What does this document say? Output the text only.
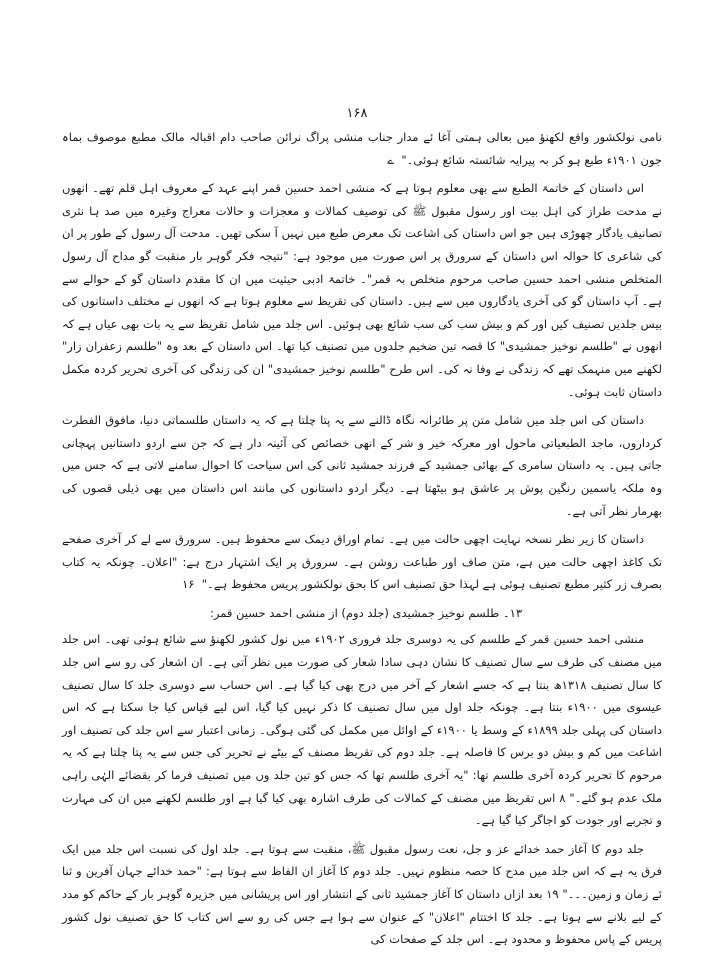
۱۶۸

نامی نولکشور واقع لکھنؤ میں بعالی ہمتی آغا ئے مدار جناب منشی پراگ نرائن صاحب دام اقبالہ مالک مطبع موصوف بماہ جون ۱۹۰۱ء طبع ہو کر بہ پیرایہ شائستہ شائع ہوئی۔"  ے

اس داستان کے خاتمۃ الطبع سے بھی معلوم ہوتا ہے کہ منشی احمد حسین قمر اپنے عہد کے معروف اہل قلم تھے۔ انھوں نے مدحت طراز کی اہل بیت اور رسول مقبول ﷺ کی توصیف کمالات و معجزات و حالات معراج وغیرہ میں صد ہا نثری تصانیف یادگار چھوڑی ہیں جو اس داستان کی اشاعت تک معرض طبع میں نہیں آ سکی تھیں۔ مدحت آل رسول کے طور پر ان کی شاعری کا حوالہ اس داستان کے سرورق پر اس صورت میں موجود ہے: "نتیجہ فکر گوہر بار منقبت گو مداح آل رسول المتخلص منشی احمد حسین صاحب مرحوم متخلص بہ قمر"۔ خاتمۃ ادبی حیثیت میں ان کا مقدم داستان گو کے حوالے سے ہے۔ آپ داستان گو کی آخری یادگاروں میں سے ہیں۔ داستان کی تقریظ سے معلوم ہوتا ہے کہ انھوں نے مختلف داستانوں کی بیس جلدیں تصنیف کیں اور کم و بیش سب کی سب شائع بھی ہوئیں۔ اس جلد میں شامل تقریظ سے یہ بات بھی عیاں ہے کہ انھوں نے "طلسم نوخیز جمشیدی" کا قصہ تین ضخیم جلدوں میں تصنیف کیا تھا۔ اس داستان کے بعد وہ "طلسم زعفران زار" لکھنے میں منہمک تھے کہ زندگی نے وفا نہ کی۔ اس طرح "طلسم نوخیز جمشیدی" ان کی زندگی کی آخری تحریر کردہ مکمل داستان ثابت ہوئی۔

داستان کی اس جلد میں شامل متن پر طائرانہ نگاہ ڈالنے سے یہ پتا چلتا ہے کہ یہ داستان طلسماتی دنیا، مافوق الفطرت کرداروں، ماجد الطبعیاتی ماحول اور معرکہ خیر و شر کے انھی خصائص کی آئینہ دار ہے کہ جن سے اردو داستانیں پہچانی جاتی ہیں۔ یہ داستان سامری کے بھائی جمشید کے فرزند جمشید ثانی کی اس سیاحت کا احوال سامنے لاتی ہے کہ جس میں وہ ملکہ یاسمین رنگین پوش پر عاشق ہو بیٹھتا ہے۔ دیگر اردو داستانوں کی مانند اس داستان میں بھی ذیلی قصوں کی بھرمار نظر آتی ہے۔

داستان کا زیر نظر نسخہ نہایت اچھی حالت میں ہے۔ تمام اوراق دیمک سے محفوظ ہیں۔ سرورق سے لے کر آخری صفحے تک کاغذ اچھی حالت میں ہے، متن صاف اور طباعت روشن ہے۔ سرورق پر ایک اشتہار درج ہے: "اعلان۔ چونکہ یہ کتاب بصرف زر کثیر مطبع تصنیف ہوئی ہے لہذا حق تصنیف اس کا بحق نولکشور پریس محفوظ ہے۔"  ۱۶

۱۳۔ طلسم نوخیز جمشیدی (جلد دوم) از منشی احمد حسین قمر:

منشی احمد حسین قمر کے طلسم کی یہ دوسری جلد فروری ۱۹۰۲ء میں نول کشور لکھنؤ سے شائع ہوئی تھی۔ اس جلد میں مصنف کی طرف سے سال تصنیف کا نشان دہی سادا شعار کی صورت میں نظر آتی ہے۔ ان اشعار کی رو سے اس جلد کا سال تصنیف ۱۳۱۸ھ بنتا ہے کہ جسے اشعار کے آخر میں درج بھی کیا گیا ہے۔ اس حساب سے دوسری جلد کا سال تصنیف عیسوی میں ۱۹۰۰ء بنتا ہے۔ چونکہ جلد اول میں سال تصنیف کا ذکر نہیں کیا گیا، اس لیے قیاس کیا جا سکتا ہے کہ اس داستان کی پہلی جلد ۱۸۹۹ء کے وسط یا ۱۹۰۰ء کے اوائل میں مکمل کی گئی ہوگی۔ زمانی اعتبار سے اس جلد کی تصنیف اور اشاعت میں کم و بیش دو برس کا فاصلہ ہے۔ جلد دوم کی تقریظ مصنف کے بیٹے نے تحریر کی جس سے یہ پتا چلتا ہے کہ یہ مرحوم کا تحریر کردہ آخری طلسم تھا: "یہ آخری طلسم تھا کہ جس کو تین جلد وں میں تصنیف فرما کر بقضائے الہٰی راہی ملک عدم ہو گئے۔" ۸ اس تقریظ میں مصنف کے کمالات کی طرف اشارہ بھی کیا گیا ہے اور طلسم لکھنے میں ان کی مہارت و تجربے اور جودت کو اجاگر کیا گیا ہے۔

جلد دوم کا آغاز حمد خدائے عز و جل، نعت رسول مقبول ﷺ، منقبت سے ہوتا ہے۔ جلد اول کی نسبت اس جلد میں ایک فرق یہ ہے کہ اس جلد میں مدح کا حصہ منظوم نہیں۔ جلد دوم کا آغاز ان الفاظ سے ہوتا ہے: "حمد خدائے جہان آفرین و ثنا ئے زمان و زمین۔۔۔" ۱۹ بعد ازاں داستان کا آغاز جمشید ثانی کے انتشار اور اس پریشانی میں جزیرہ گوہر بار کے حاکم کو مدد کے لیے بلانے سے ہوتا ہے۔ جلد کا اختتام "اعلان" کے عنوان سے ہوا ہے جس کی رو سے اس کتاب کا حق تصنیف نول کشور پریس کے پاس محفوظ و محدود ہے۔ اس جلد کے صفحات کی
